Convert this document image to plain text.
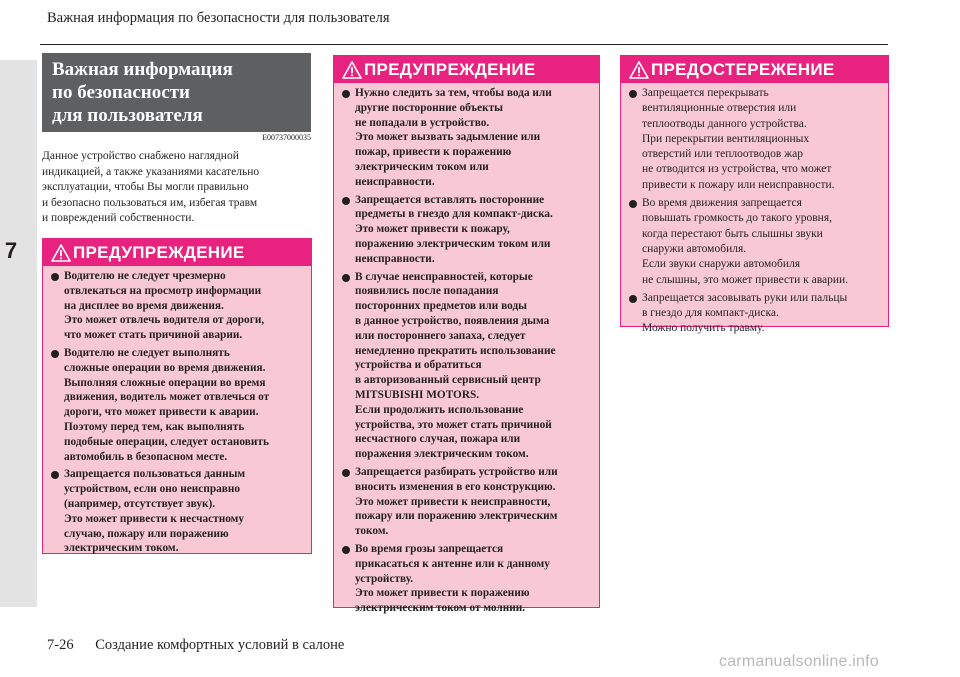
Важная информация по безопасности для пользователя
7
Важная информация
по безопасности
для пользователя
E00737000035
Данное устройство снабжено наглядной
индикацией, а также указаниями касательно
эксплуатации, чтобы Вы могли правильно
и безопасно пользоваться им, избегая травм
и повреждений собственности.
ПРЕДУПРЕЖДЕНИЕ
Водителю не следует чрезмерно
отвлекаться на просмотр информации
на дисплее во время движения.
Это может отвлечь водителя от дороги,
что может стать причиной аварии.
Водителю не следует выполнять
сложные операции во время движения.
Выполняя сложные операции во время
движения, водитель может отвлечься от
дороги, что может привести к аварии.
Поэтому перед тем, как выполнять
подобные операции, следует остановить
автомобиль в безопасном месте.
Запрещается пользоваться данным
устройством, если оно неисправно
(например, отсутствует звук).
Это может привести к несчастному
случаю, пожару или поражению
электрическим током.
ПРЕДУПРЕЖДЕНИЕ
Нужно следить за тем, чтобы вода или
другие посторонние объекты
не попадали в устройство.
Это может вызвать задымление или
пожар, привести к поражению
электрическим током или
неисправности.
Запрещается вставлять посторонние
предметы в гнездо для компакт-диска.
Это может привести к пожару,
поражению электрическим током или
неисправности.
В случае неисправностей, которые
появились после попадания
посторонних предметов или воды
в данное устройство, появления дыма
или постороннего запаха, следует
немедленно прекратить использование
устройства и обратиться
в авторизованный сервисный центр
MITSUBISHI MOTORS.
Если продолжить использование
устройства, это может стать причиной
несчастного случая, пожара или
поражения электрическим током.
Запрещается разбирать устройство или
вносить изменения в его конструкцию.
Это может привести к неисправности,
пожару или поражению электрическим
током.
Во время грозы запрещается
прикасаться к антенне или к данному
устройству.
Это может привести к поражению
электрическим током от молнии.
ПРЕДОСТЕРЕЖЕНИЕ
Запрещается перекрывать
вентиляционные отверстия или
теплоотводы данного устройства.
При перекрытии вентиляционных
отверстий или теплоотводов жар
не отводится из устройства, что может
привести к пожару или неисправности.
Во время движения запрещается
повышать громкость до такого уровня,
когда перестают быть слышны звуки
снаружи автомобиля.
Если звуки снаружи автомобиля
не слышны, это может привести к аварии.
Запрещается засовывать руки или пальцы
в гнездо для компакт-диска.
Можно получить травму.
7-26 Создание комфортных условий в салоне
carmanualsonline.info
